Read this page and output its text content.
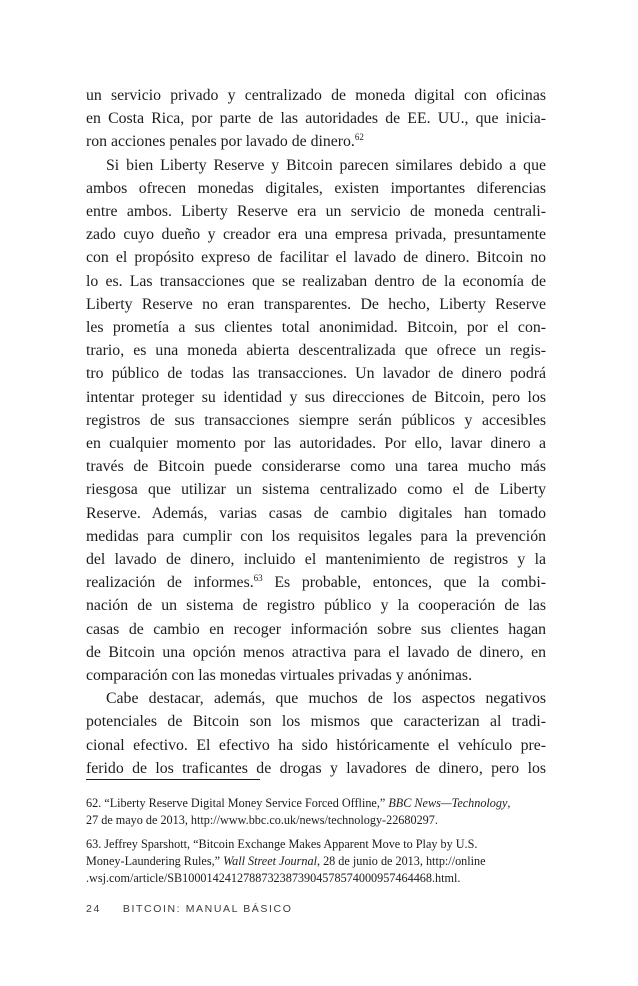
un servicio privado y centralizado de moneda digital con oficinas
en Costa Rica, por parte de las autoridades de EE. UU., que inicia-
ron acciones penales por lavado de dinero.$^{62}$
Si bien Liberty Reserve y Bitcoin parecen similares debido a que
ambos ofrecen monedas digitales, existen importantes diferencias
entre ambos. Liberty Reserve era un servicio de moneda centrali-
zado cuyo dueño y creador era una empresa privada, presuntamente
con el propósito expreso de facilitar el lavado de dinero. Bitcoin no
lo es. Las transacciones que se realizaban dentro de la economía de
Liberty Reserve no eran transparentes. De hecho, Liberty Reserve
les prometía a sus clientes total anonimidad. Bitcoin, por el con-
trario, es una moneda abierta descentralizada que ofrece un regis-
tro público de todas las transacciones. Un lavador de dinero podrá
intentar proteger su identidad y sus direcciones de Bitcoin, pero los
registros de sus transacciones siempre serán públicos y accesibles
en cualquier momento por las autoridades. Por ello, lavar dinero a
través de Bitcoin puede considerarse como una tarea mucho más
riesgosa que utilizar un sistema centralizado como el de Liberty
Reserve. Además, varias casas de cambio digitales han tomado
medidas para cumplir con los requisitos legales para la prevención
del lavado de dinero, incluido el mantenimiento de registros y la
realización de informes.$^{63}$ Es probable, entonces, que la combi-
nación de un sistema de registro público y la cooperación de las
casas de cambio en recoger información sobre sus clientes hagan
de Bitcoin una opción menos atractiva para el lavado de dinero, en
comparación con las monedas virtuales privadas y anónimas.
Cabe destacar, además, que muchos de los aspectos negativos
potenciales de Bitcoin son los mismos que caracterizan al tradi-
cional efectivo. El efectivo ha sido históricamente el vehículo pre-
ferido de los traficantes de drogas y lavadores de dinero, pero los
62. “Liberty Reserve Digital Money Service Forced Offline,” BBC News—Technology,
27 de mayo de 2013, http://www.bbc.co.uk/news/technology-22680297.
63. Jeffrey Sparshott, “Bitcoin Exchange Makes Apparent Move to Play by U.S.
Money-Laundering Rules,” Wall Street Journal, 28 de junio de 2013, http://online
.wsj.com/article/SB10001424127887323873904578574000957464468.html.
24 BITCOIN: MANUAL BÁSICO
